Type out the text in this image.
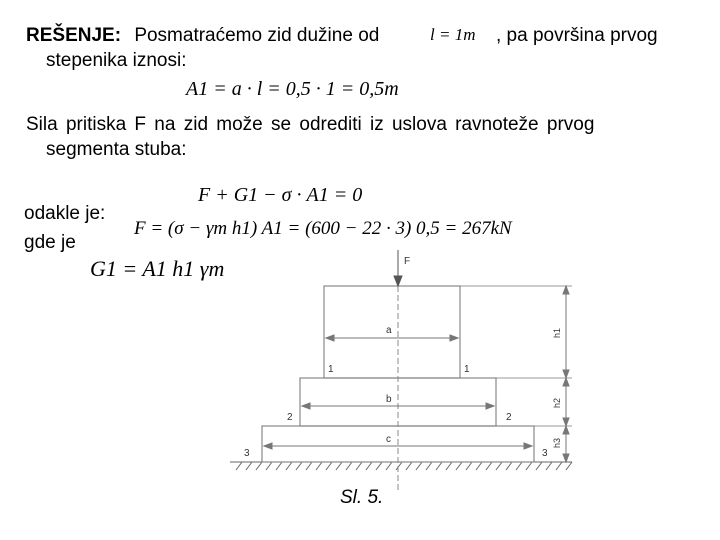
REŠENJE: Posmatraćemo zid dužine od	l = 1m , pa površina prvog
stepenika iznosi:
A1 = a · l = 0,5 · 1 = 0,5m
Sila pritiska F na zid može se odrediti iz uslova ravnoteže prvog
segmenta stuba:
F + G1 − σ · A1 = 0
odakle je:
F = (σ − γm h1) A1 = (600 − 22 · 3) 0,5 = 267kN
gde je
G1 = A1 h1 γm	F
a
b
c
1	1
2	2
3	3
h1
h2
h3
Sl. 5.
